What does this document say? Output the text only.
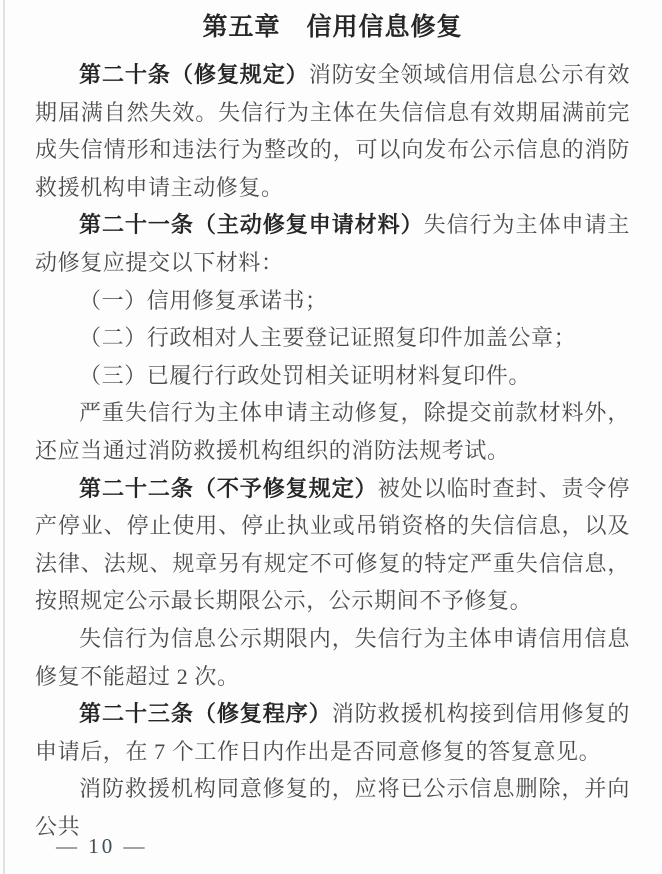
第五章　信用信息修复

第二十条（修复规定）消防安全领域信用信息公示有效期届满自然失效。失信行为主体在失信信息有效期届满前完成失信情形和违法行为整改的，可以向发布公示信息的消防救援机构申请主动修复。

第二十一条（主动修复申请材料）失信行为主体申请主动修复应提交以下材料：

（一）信用修复承诺书；

（二）行政相对人主要登记证照复印件加盖公章；

（三）已履行行政处罚相关证明材料复印件。

严重失信行为主体申请主动修复，除提交前款材料外，还应当通过消防救援机构组织的消防法规考试。

第二十二条（不予修复规定）被处以临时查封、责令停产停业、停止使用、停止执业或吊销资格的失信信息，以及法律、法规、规章另有规定不可修复的特定严重失信信息，按照规定公示最长期限公示，公示期间不予修复。

失信行为信息公示期限内，失信行为主体申请信用信息修复不能超过 2 次。

第二十三条（修复程序）消防救援机构接到信用修复的申请后，在 7 个工作日内作出是否同意修复的答复意见。

消防救援机构同意修复的，应将已公示信息删除，并向公共

— 10 —
